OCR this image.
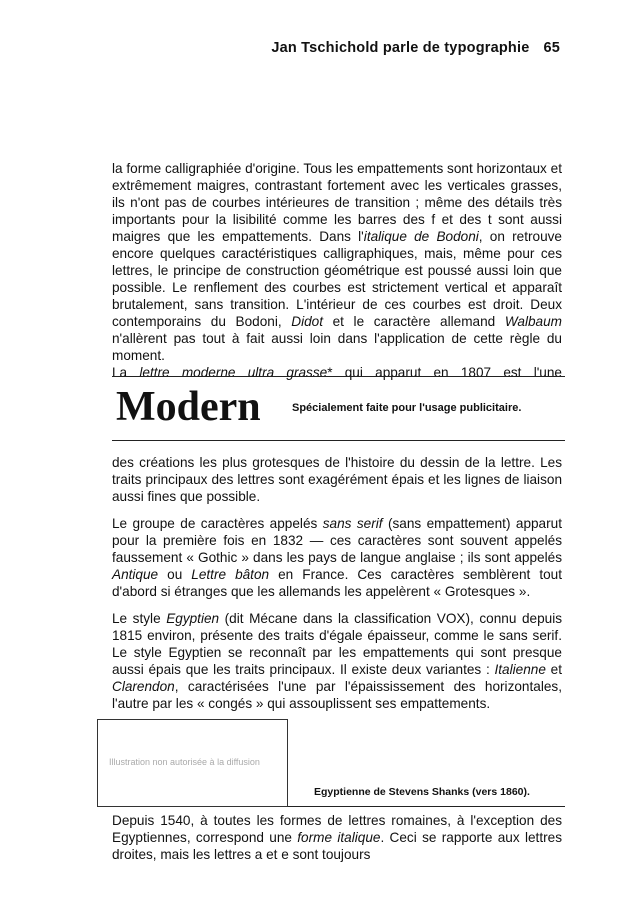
Jan Tschichold parle de typographie 65

la forme calligraphiée d'origine. Tous les empattements sont horizontaux et extrêmement maigres, contrastant fortement avec les verticales grasses, ils n'ont pas de courbes intérieures de transition ; même des détails très importants pour la lisibilité comme les barres des f et des t sont aussi maigres que les empattements. Dans l'italique de Bodoni, on retrouve encore quelques caractéristiques calligraphiques, mais, même pour ces lettres, le principe de construction géométrique est poussé aussi loin que possible. Le renflement des courbes est strictement vertical et apparaît brutalement, sans transition. L'intérieur de ces courbes est droit. Deux contemporains du Bodoni, Didot et le caractère allemand Walbaum n'allèrent pas tout à fait aussi loin dans l'application de cette règle du moment.

La lettre moderne ultra grasse* qui apparut en 1807 est l'une

Modern	Spécialement faite pour l'usage publicitaire.

des créations les plus grotesques de l'histoire du dessin de la lettre. Les traits principaux des lettres sont exagérément épais et les lignes de liaison aussi fines que possible.

Le groupe de caractères appelés sans serif (sans empattement) apparut pour la première fois en 1832 — ces caractères sont souvent appelés faussement « Gothic » dans les pays de langue anglaise ; ils sont appelés Antique ou Lettre bâton en France. Ces caractères semblèrent tout d'abord si étranges que les allemands les appelèrent « Grotesques ».

Le style Egyptien (dit Mécane dans la classification VOX), connu depuis 1815 environ, présente des traits d'égale épaisseur, comme le sans serif. Le style Egyptien se reconnaît par les empattements qui sont presque aussi épais que les traits principaux. Il existe deux variantes : Italienne et Clarendon, caractérisées l'une par l'épaississement des horizontales, l'autre par les « congés » qui assouplissent ses empattements.

Illustration non autorisée à la diffusion
Egyptienne de Stevens Shanks (vers 1860).

Depuis 1540, à toutes les formes de lettres romaines, à l'exception des Egyptiennes, correspond une forme italique. Ceci se rapporte aux lettres droites, mais les lettres a et e sont toujours
